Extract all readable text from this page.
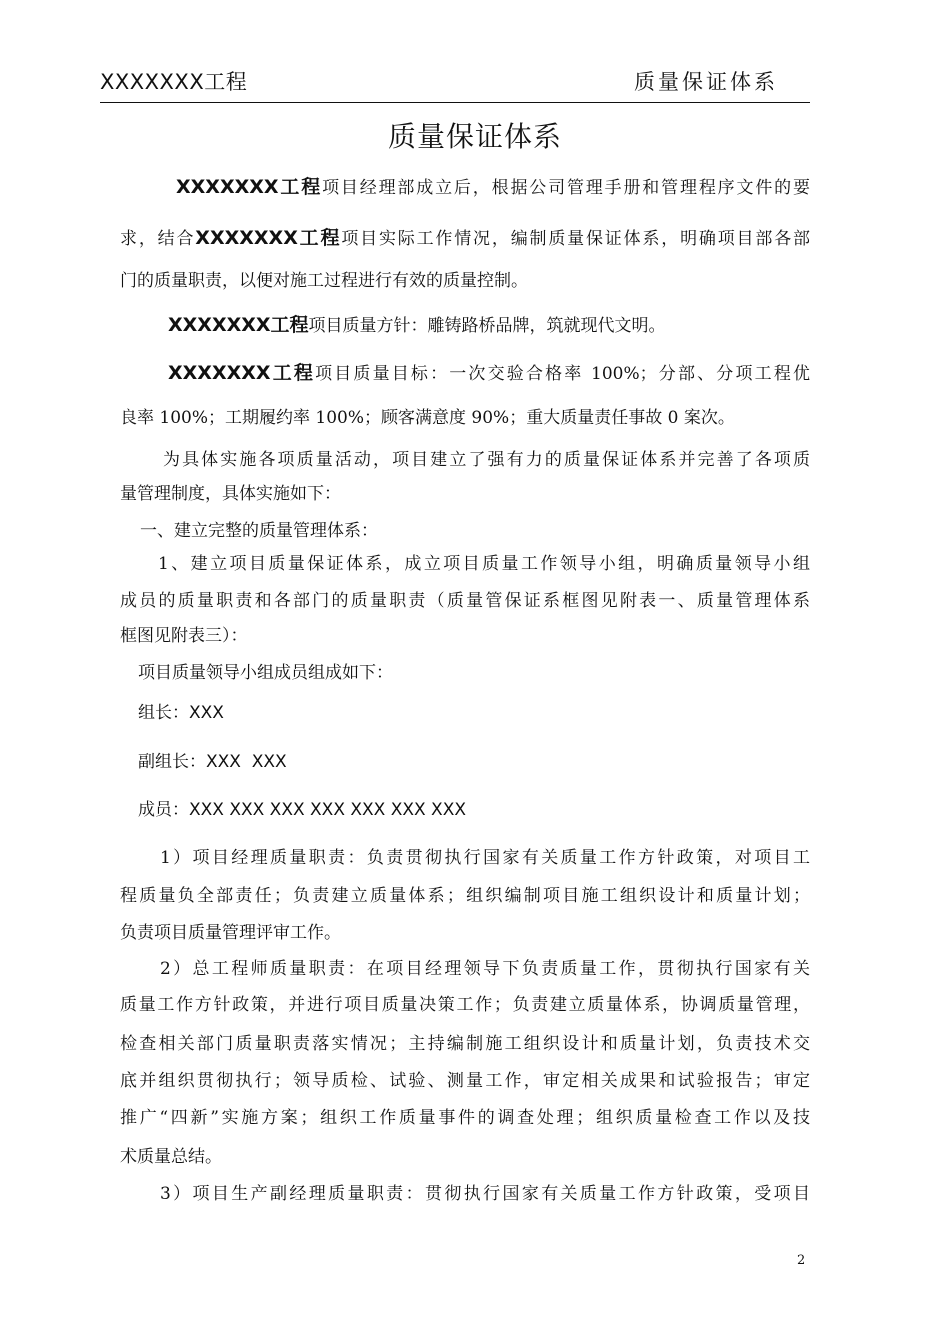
XXXXXXX工程	质量保证体系
质量保证体系
XXXXXXX工程项目经理部成立后，根据公司管理手册和管理程序文件的要
求，结合XXXXXXX工程项目实际工作情况，编制质量保证体系，明确项目部各部
门的质量职责，以便对施工过程进行有效的质量控制。
XXXXXXX工程项目质量方针：雕铸路桥品牌，筑就现代文明。
XXXXXXX工程项目质量目标：一次交验合格率 100%；分部、分项工程优
良率 100%；工期履约率 100%；顾客满意度 90%；重大质量责任事故 0 案次。
为具体实施各项质量活动，项目建立了强有力的质量保证体系并完善了各项质
量管理制度，具体实施如下：
一、建立完整的质量管理体系：
1、建立项目质量保证体系，成立项目质量工作领导小组，明确质量领导小组
成员的质量职责和各部门的质量职责（质量管保证系框图见附表一、质量管理体系
框图见附表三）：
项目质量领导小组成员组成如下：
组长：XXX
副组长：XXX  XXX
成员：XXX XXX XXX XXX XXX XXX XXX
1）项目经理质量职责：负责贯彻执行国家有关质量工作方针政策，对项目工
程质量负全部责任；负责建立质量体系；组织编制项目施工组织设计和质量计划；
负责项目质量管理评审工作。
2）总工程师质量职责：在项目经理领导下负责质量工作，贯彻执行国家有关
质量工作方针政策，并进行项目质量决策工作；负责建立质量体系，协调质量管理，
检查相关部门质量职责落实情况；主持编制施工组织设计和质量计划，负责技术交
底并组织贯彻执行；领导质检、试验、测量工作，审定相关成果和试验报告；审定
推广“四新”实施方案；组织工作质量事件的调查处理；组织质量检查工作以及技
术质量总结。
3）项目生产副经理质量职责：贯彻执行国家有关质量工作方针政策，受项目
2
